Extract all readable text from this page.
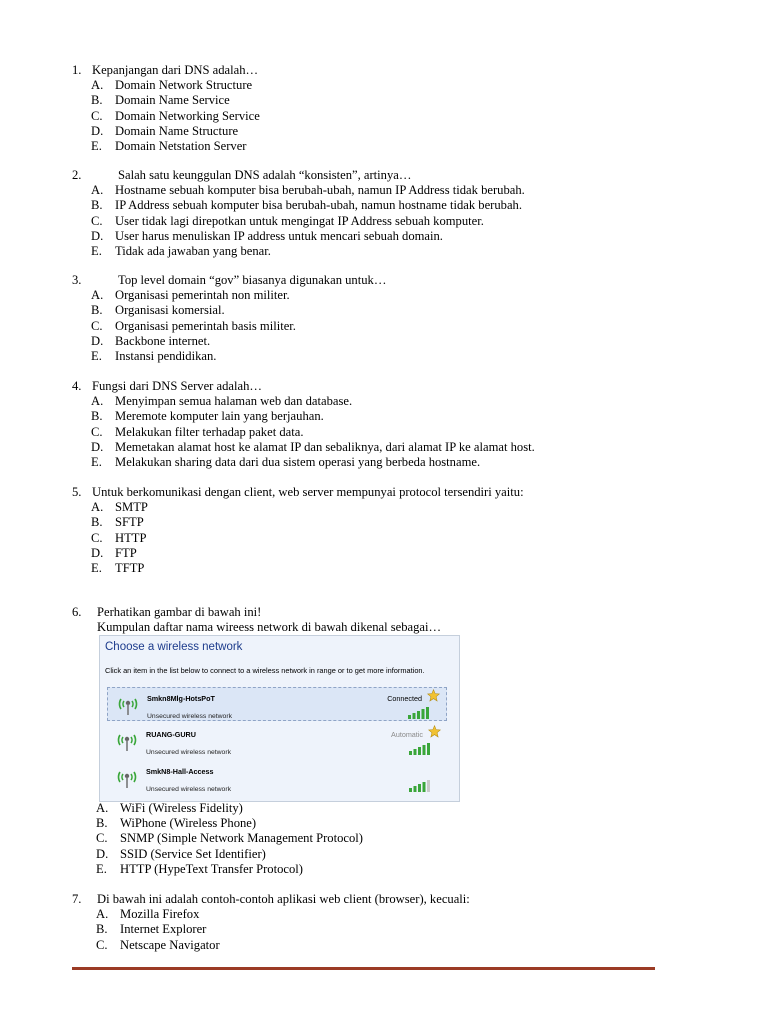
1. Kepanjangan dari DNS adalah…
A. Domain Network Structure
B. Domain Name Service
C. Domain Networking Service
D. Domain Name Structure
E. Domain Netstation Server
2.	Salah satu keunggulan DNS adalah “konsisten”, artinya…
A. Hostname sebuah komputer bisa berubah-ubah, namun IP Address tidak berubah.
B. IP Address sebuah komputer bisa berubah-ubah, namun hostname tidak berubah.
C. User tidak lagi direpotkan untuk mengingat IP Address sebuah komputer.
D. User harus menuliskan IP address untuk mencari sebuah domain.
E. Tidak ada jawaban yang benar.
3.	Top level domain “gov” biasanya digunakan untuk…
A. Organisasi pemerintah non militer.
B. Organisasi komersial.
C. Organisasi pemerintah basis militer.
D. Backbone internet.
E. Instansi pendidikan.
4. Fungsi dari DNS Server adalah…
A. Menyimpan semua halaman web dan database.
B. Meremote komputer lain yang berjauhan.
C. Melakukan filter terhadap paket data.
D. Memetakan alamat host ke alamat IP dan sebaliknya, dari alamat IP ke alamat host.
E. Melakukan sharing data dari dua sistem operasi yang berbeda hostname.
5. Untuk berkomunikasi dengan client, web server mempunyai protocol tersendiri yaitu:
A. SMTP
B. SFTP
C. HTTP
D. FTP
E. TFTP
6. Perhatikan gambar di bawah ini!
Kumpulan daftar nama wireess network di bawah dikenal sebagai…
Choose a wireless network
Click an item in the list below to connect to a wireless network in range or to get more information.
Smkn8Mlg-HotsPoT
Unsecured wireless network
Connected
RUANG-GURU
Unsecured wireless network
Automatic
SmkN8-Hall-Access
Unsecured wireless network
A. WiFi (Wireless Fidelity)
B. WiPhone (Wireless Phone)
C. SNMP (Simple Network Management Protocol)
D. SSID (Service Set Identifier)
E. HTTP (HypeText Transfer Protocol)
7. Di bawah ini adalah contoh-contoh aplikasi web client (browser), kecuali:
A. Mozilla Firefox
B. Internet Explorer
C. Netscape Navigator
